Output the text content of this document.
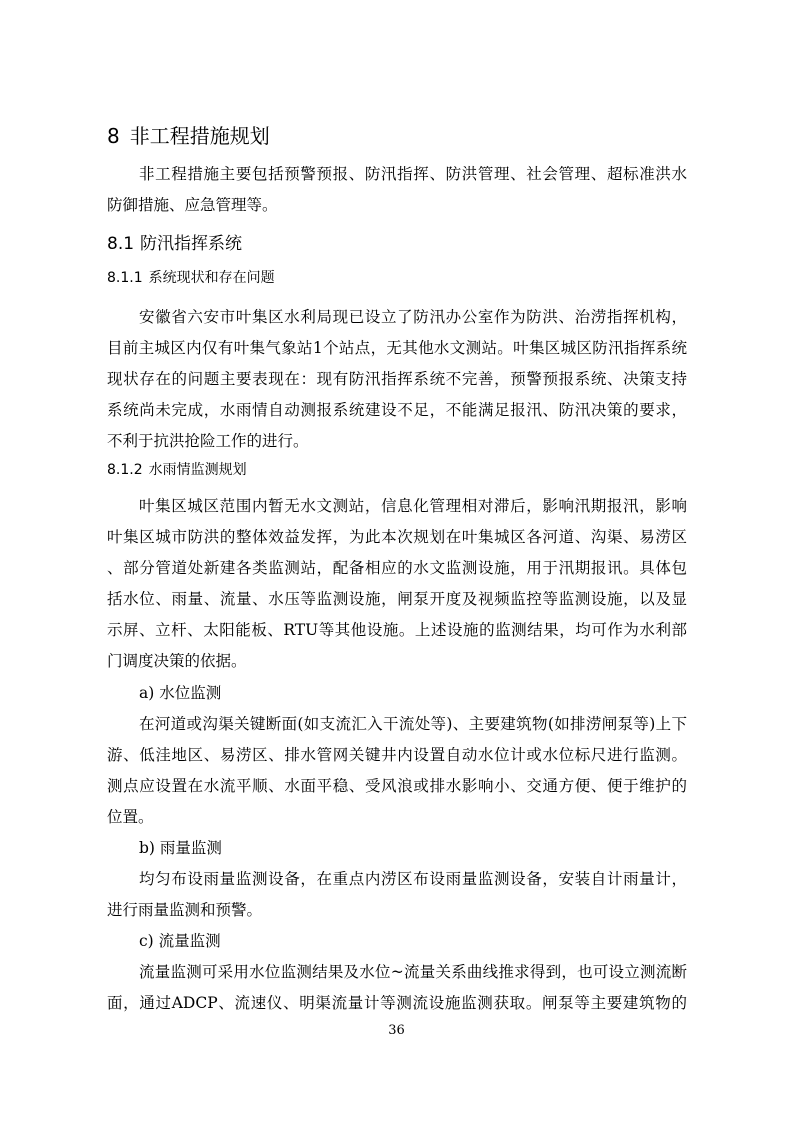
8 非工程措施规划
非工程措施主要包括预警预报、防汛指挥、防洪管理、社会管理、超标准洪水
防御措施、应急管理等。
8.1 防汛指挥系统
8.1.1 系统现状和存在问题
安徽省六安市叶集区水利局现已设立了防汛办公室作为防洪、治涝指挥机构，
目前主城区内仅有叶集气象站1个站点，无其他水文测站。叶集区城区防汛指挥系统
现状存在的问题主要表现在：现有防汛指挥系统不完善，预警预报系统、决策支持
系统尚未完成，水雨情自动测报系统建设不足，不能满足报汛、防汛决策的要求，
不利于抗洪抢险工作的进行。
8.1.2 水雨情监测规划
叶集区城区范围内暂无水文测站，信息化管理相对滞后，影响汛期报汛，影响
叶集区城市防洪的整体效益发挥，为此本次规划在叶集城区各河道、沟渠、易涝区
、部分管道处新建各类监测站，配备相应的水文监测设施，用于汛期报讯。具体包
括水位、雨量、流量、水压等监测设施，闸泵开度及视频监控等监测设施，以及显
示屏、立杆、太阳能板、RTU等其他设施。上述设施的监测结果，均可作为水利部
门调度决策的依据。
a) 水位监测
在河道或沟渠关键断面(如支流汇入干流处等)、主要建筑物(如排涝闸泵等)上下
游、低洼地区、易涝区、排水管网关键井内设置自动水位计或水位标尺进行监测。
测点应设置在水流平顺、水面平稳、受风浪或排水影响小、交通方便、便于维护的
位置。
b) 雨量监测
均匀布设雨量监测设备，在重点内涝区布设雨量监测设备，安装自计雨量计，
进行雨量监测和预警。
c) 流量监测
流量监测可采用水位监测结果及水位~流量关系曲线推求得到，也可设立测流断
面，通过ADCP、流速仪、明渠流量计等测流设施监测获取。闸泵等主要建筑物的
36
